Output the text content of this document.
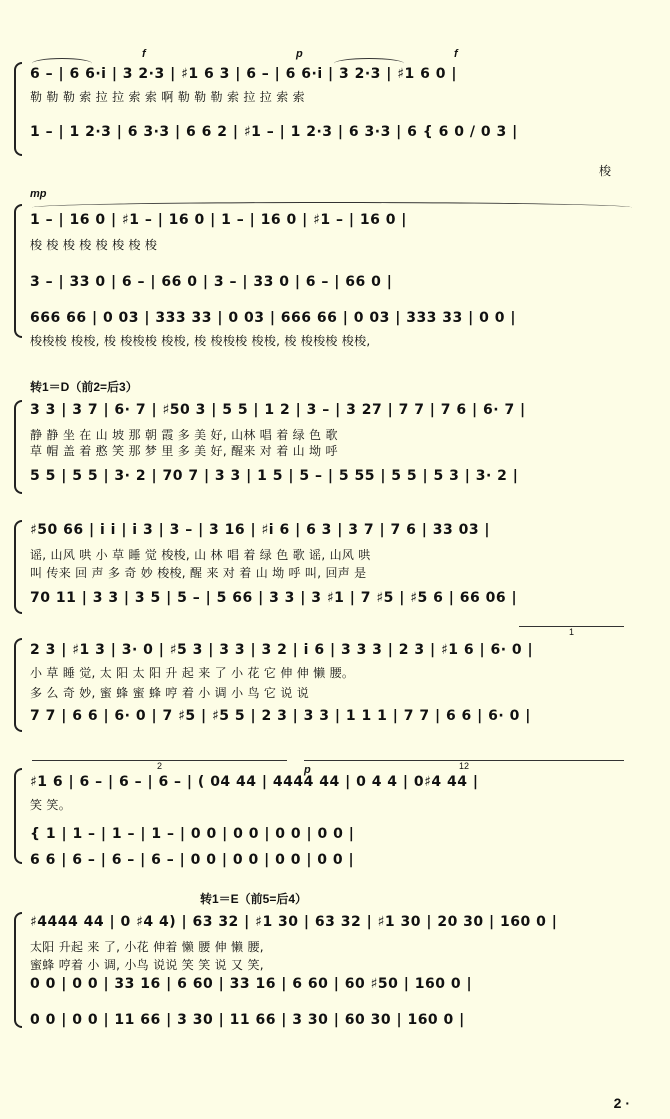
f	p	f
6 – | 6 6·i | 3 2·3 | ♯1 6 3 | 6 – | 6 6·i | 3 2·3 | ♯1 6 0 |
勒 勒 勒 索 拉 拉 索 索 啊 勒 勒 勒 索 拉 拉 索 索
1 – | 1 2·3 | 6 3·3 | 6 6 2 | ♯1 – | 1 2·3 | 6 3·3 | 6 { 6 0 / 0 3 |
梭
mp
1 – | 16 0 | ♯1 – | 16 0 | 1 – | 16 0 | ♯1 – | 16 0 |
梭 梭 梭 梭 梭 梭 梭 梭
3 – | 33 0 | 6 – | 66 0 | 3 – | 33 0 | 6 – | 66 0 |
666 66 | 0 03 | 333 33 | 0 03 | 666 66 | 0 03 | 333 33 | 0 0 |
梭梭梭 梭梭, 梭 梭梭梭 梭梭, 梭 梭梭梭 梭梭, 梭 梭梭梭 梭梭,
转1＝D（前2=后3）
3 3 | 3 7 | 6· 7 | ♯50 3 | 5 5 | 1 2 | 3 – | 3 27 | 7 7 | 7 6 | 6· 7 |
静 静 坐 在 山 坡 那 朝 霞 多 美 好, 山林 唱 着 绿 色 歌
草 帽 盖 着 憨 笑 那 梦 里 多 美 好, 醒来 对 着 山 坳 呼
5 5 | 5 5 | 3· 2 | 70 7 | 3 3 | 1 5 | 5 – | 5 55 | 5 5 | 5 3 | 3· 2 |
♯50 66 | i i | i 3 | 3 – | 3 16 | ♯i 6 | 6 3 | 3 7 | 7 6 | 33 03 |
谣, 山风 哄 小 草 睡 觉 梭梭, 山 林 唱 着 绿 色 歌 谣, 山风 哄
叫 传来 回 声 多 奇 妙 梭梭, 醒 来 对 着 山 坳 呼 叫, 回声 是
70 11 | 3 3 | 3 5 | 5 – | 5 66 | 3 3 | 3 ♯1 | 7 ♯5 | ♯5 6 | 66 06 |
1
2 3 | ♯1 3 | 3· 0 | ♯5 3 | 3 3 | 3 2 | i 6 | 3 3 3 | 2 3 | ♯1 6 | 6· 0 |
小 草 睡 觉, 太 阳 太 阳 升 起 来 了 小 花 它 伸 伸 懒 腰。
多 么 奇 妙, 蜜 蜂 蜜 蜂 哼 着 小 调 小 鸟 它 说 说
7 7 | 6 6 | 6· 0 | 7 ♯5 | ♯5 5 | 2 3 | 3 3 | 1 1 1 | 7 7 | 6 6 | 6· 0 |
2	12
p
♯1 6 | 6 – | 6 – | 6 – | ( 04 44 | 4444 44 | 0 4 4 | 0♯4 44 |
笑 笑。
{ 1 | 1 – | 1 – | 1 – | 0 0 | 0 0 | 0 0 | 0 0 |
6 6 | 6 – | 6 – | 6 – | 0 0 | 0 0 | 0 0 | 0 0 |
转1＝E（前5=后4）
♯4444 44 | 0 ♯4 4) | 63 32 | ♯1 30 | 63 32 | ♯1 30 | 20 30 | 160 0 |
太阳 升起 来 了, 小花 伸着 懒 腰 伸 懒 腰,
蜜蜂 哼着 小 调, 小鸟 说说 笑 笑 说 又 笑,
0 0 | 0 0 | 33 16 | 6 60 | 33 16 | 6 60 | 60 ♯50 | 160 0 |
0 0 | 0 0 | 11 66 | 3 30 | 11 66 | 3 30 | 60 30 | 160 0 |
2 ·
